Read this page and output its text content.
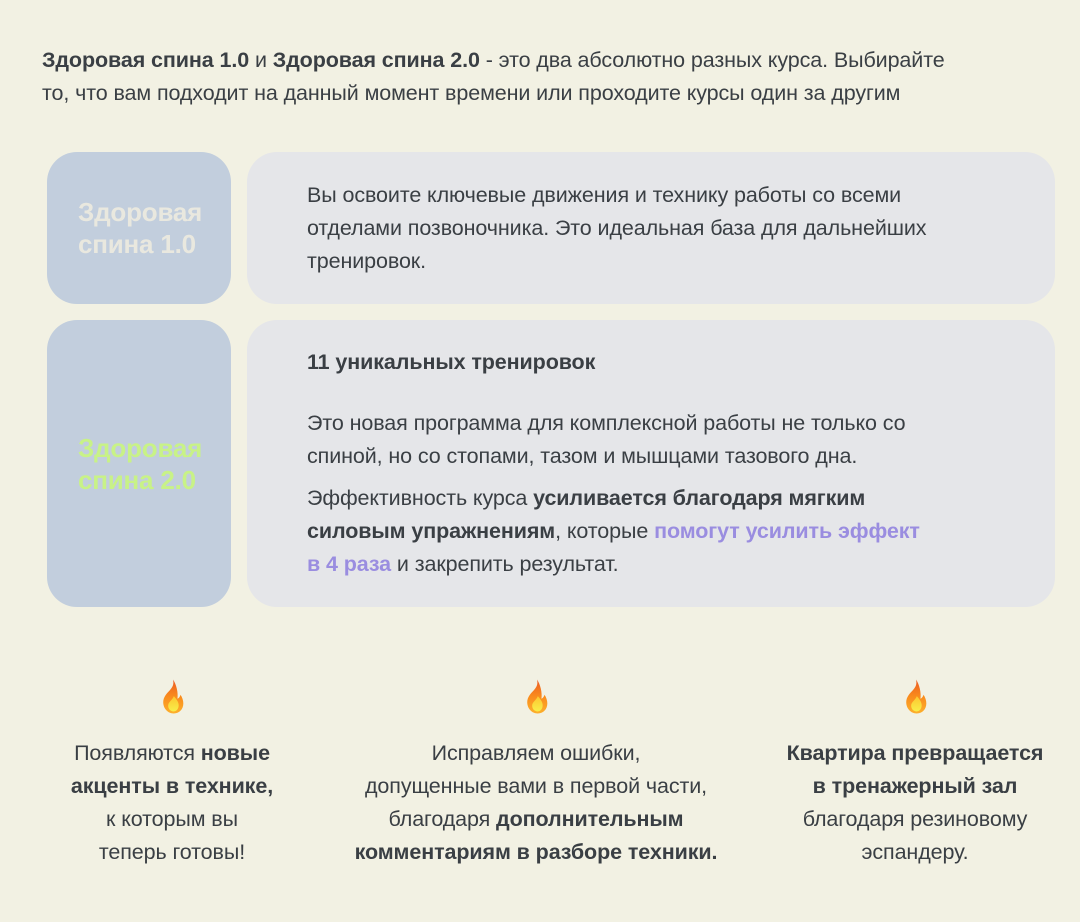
Здоровая спина 1.0 и Здоровая спина 2.0 - это два абсолютно разных курса. Выбирайте
то, что вам подходит на данный момент времени или проходите курсы один за другим

Здоровая
спина 1.0

Вы освоите ключевые движения и технику работы со всеми
отделами позвоночника. Это идеальная база для дальнейших
тренировок.

Здоровая
спина 2.0

11 уникальных тренировок

Это новая программа для комплексной работы не только со
спиной, но со стопами, тазом и мышцами тазового дна.

Эффективность курса усиливается благодаря мягким
силовым упражнениям, которые помогут усилить эффект
в 4 раза и закрепить результат.

Появляются новые
акценты в технике,
к которым вы
теперь готовы!

Исправляем ошибки,
допущенные вами в первой части,
благодаря дополнительным
комментариям в разборе техники.

Квартира превращается
в тренажерный зал
благодаря резиновому
эспандеру.
